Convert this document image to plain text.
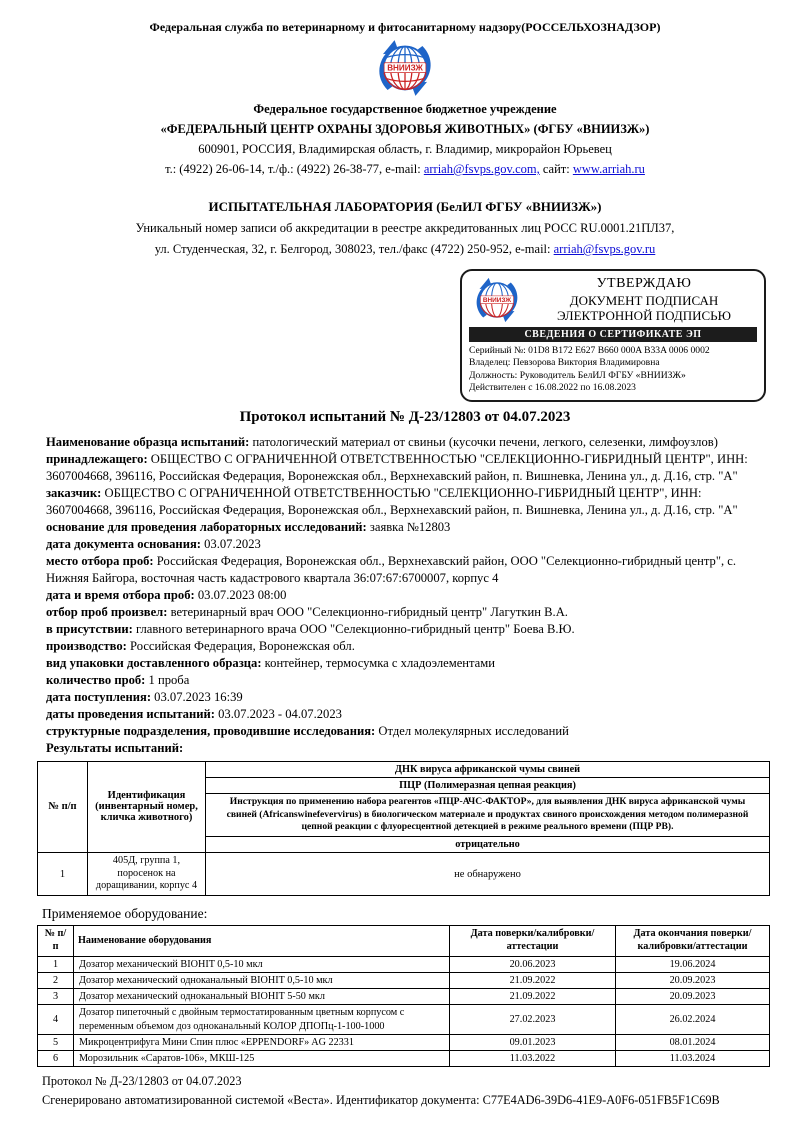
Федеральная служба по ветеринарному и фитосанитарному надзору(РОССЕЛЬХОЗНАДЗОР)
ВНИИЗЖ
Федеральное государственное бюджетное учреждение
«ФЕДЕРАЛЬНЫЙ ЦЕНТР ОХРАНЫ ЗДОРОВЬЯ ЖИВОТНЫХ» (ФГБУ «ВНИИЗЖ»)
600901, РОССИЯ, Владимирская область, г. Владимир, микрорайон Юрьевец
т.: (4922) 26-06-14, т./ф.: (4922) 26-38-77, e-mail: arriah@fsvps.gov.com, сайт: www.arriah.ru
ИСПЫТАТЕЛЬНАЯ ЛАБОРАТОРИЯ (БелИЛ ФГБУ «ВНИИЗЖ»)
Уникальный номер записи об аккредитации в реестре аккредитованных лиц РОСС RU.0001.21ПЛ37,
ул. Студенческая, 32, г. Белгород, 308023, тел./факс (4722) 250-952, e-mail: arriah@fsvps.gov.ru
ВНИИЗЖ
УТВЕРЖДАЮ
ДОКУМЕНТ ПОДПИСАН
ЭЛЕКТРОННОЙ ПОДПИСЬЮ
СВЕДЕНИЯ О СЕРТИФИКАТЕ ЭП
Серийный №: 01D8 B172 E627 B660 000A B33A 0006 0002
Владелец: Певзорова Виктория Владимировна
Должность: Руководитель БелИЛ ФГБУ «ВНИИЗЖ»
Действителен с 16.08.2022 по 16.08.2023
Протокол испытаний № Д-23/12803 от 04.07.2023

Наименование образца испытаний: патологический материал от свиньи (кусочки печени, легкого, селезенки, лимфоузлов)

принадлежащего: ОБЩЕСТВО С ОГРАНИЧЕННОЙ ОТВЕТСТВЕННОСТЬЮ "СЕЛЕКЦИОННО-ГИБРИДНЫЙ ЦЕНТР", ИНН: 3607004668, 396116, Российская Федерация, Воронежская обл., Верхнехавский район, п. Вишневка, Ленина ул., д. Д.16, стр. "А"

заказчик: ОБЩЕСТВО С ОГРАНИЧЕННОЙ ОТВЕТСТВЕННОСТЬЮ "СЕЛЕКЦИОННО-ГИБРИДНЫЙ ЦЕНТР", ИНН: 3607004668, 396116, Российская Федерация, Воронежская обл., Верхнехавский район, п. Вишневка, Ленина ул., д. Д.16, стр. "А"

основание для проведения лабораторных исследований: заявка №12803

дата документа основания: 03.07.2023

место отбора проб: Российская Федерация, Воронежская обл., Верхнехавский район, ООО "Селекционно-гибридный центр", с. Нижняя Байгора, восточная часть кадастрового квартала 36:07:67:6700007, корпус 4

дата и время отбора проб: 03.07.2023 08:00

отбор проб произвел: ветеринарный врач ООО "Селекционно-гибридный центр" Лагуткин В.А.

в присутствии: главного ветеринарного врача ООО "Селекционно-гибридный центр" Боева В.Ю.

производство: Российская Федерация, Воронежская обл.

вид упаковки доставленного образца: контейнер, термосумка с хладоэлементами

количество проб: 1 проба

дата поступления: 03.07.2023 16:39

даты проведения испытаний: 03.07.2023 - 04.07.2023

структурные подразделения, проводившие исследования: Отдел молекулярных исследований

Результаты испытаний:

№ п/п	Идентификация (инвентарный номер, кличка животного)	ДНК вируса африканской чумы свиней
		ПЦР (Полимеразная цепная реакция)
		Инструкция по применению набора реагентов «ПЦР-АЧС-ФАКТОР», для выявления ДНК вируса африканской чумы свиней (Africanswinefevervirus) в биологическом материале и продуктах свиного происхождения методом полимеразной цепной реакции с флуоресцентной детекцией в режиме реального времени (ПЦР РВ).
		отрицательно
1	405Д, группа 1, поросенок на доращивании, корпус 4	не обнаружено
Применяемое оборудование:
№ п/п	Наименование оборудования	Дата поверки/калибровки/аттестации	Дата окончания поверки/калибровки/аттестации
1	Дозатор механический BIOHIT 0,5-10 мкл	20.06.2023	19.06.2024
2	Дозатор механический одноканальный BIOHIT 0,5-10 мкл	21.09.2022	20.09.2023
3	Дозатор механический одноканальный BIOHIT 5-50 мкл	21.09.2022	20.09.2023
4	Дозатор пипеточный с двойным термостатированным цветным корпусом с переменным объемом доз одноканальный КОЛОР ДПОПц-1-100-1000	27.02.2023	26.02.2024
5	Микроцентрифуга Мини Спин плюс «EPPENDORF» AG 22331	09.01.2023	08.01.2024
6	Морозильник «Саратов-106», МКШ-125	11.03.2022	11.03.2024
Протокол № Д-23/12803 от 04.07.2023
Сгенерировано автоматизированной системой «Веста». Идентификатор документа: C77E4AD6-39D6-41E9-A0F6-051FB5F1C69B
